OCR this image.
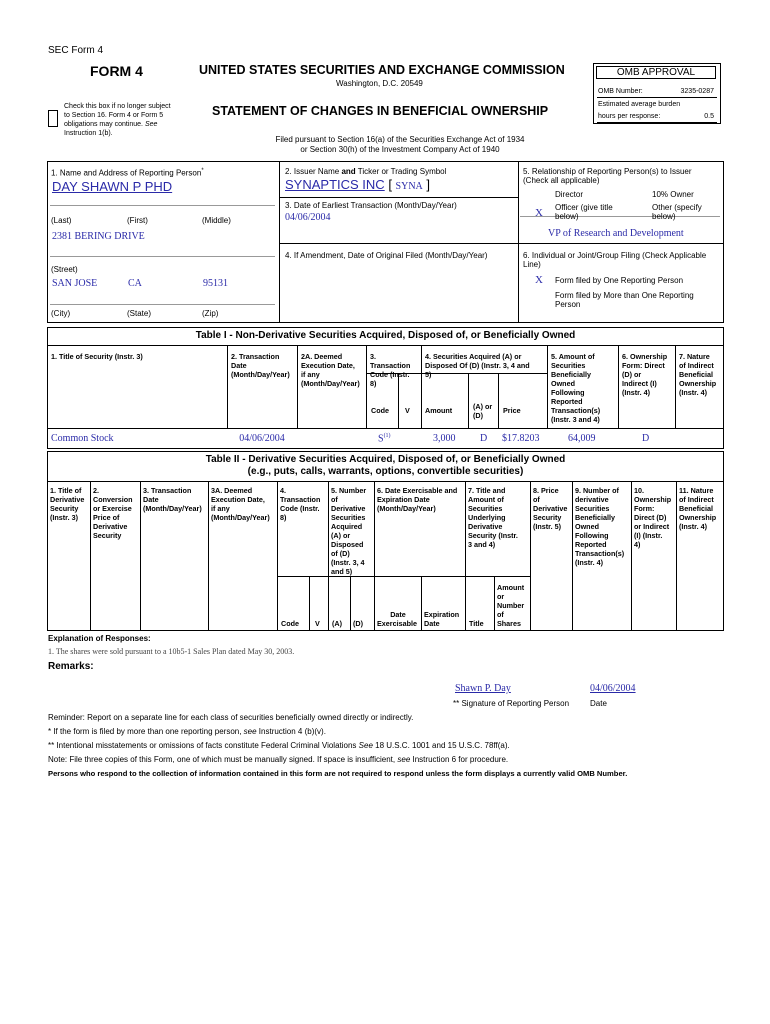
SEC Form 4
FORM 4	UNITED STATES SECURITIES AND EXCHANGE COMMISSION
Washington, D.C. 20549
Check this box if no longer subject
to Section 16. Form 4 or Form 5
obligations may continue. See
Instruction 1(b).
STATEMENT OF CHANGES IN BENEFICIAL OWNERSHIP
Filed pursuant to Section 16(a) of the Securities Exchange Act of 1934
or Section 30(h) of the Investment Company Act of 1940
OMB APPROVAL
OMB Number:	3235-0287
Estimated average burden
hours per response:	0.5
1. Name and Address of Reporting Person*
DAY SHAWN P PHD
(Last)	(First)	(Middle)
2381 BERING DRIVE
(Street)
SAN JOSE	CA	95131
(City)	(State)	(Zip)
2. Issuer Name and Ticker or Trading Symbol
SYNAPTICS INC [ SYNA ]
3. Date of Earliest Transaction (Month/Day/Year)
04/06/2004
4. If Amendment, Date of Original Filed (Month/Day/Year)
5. Relationship of Reporting Person(s) to Issuer
(Check all applicable)
Director	10% Owner
X Officer (give title
below)
Other (specify
below)
VP of Research and Development
6. Individual or Joint/Group Filing (Check Applicable
Line)
X Form filed by One Reporting Person
Form filed by More than One Reporting
Person
Table I - Non-Derivative Securities Acquired, Disposed of, or Beneficially Owned
1. Title of Security (Instr. 3)	2. Transaction
Date
(Month/Day/Year)
2A. Deemed
Execution Date,
if any
(Month/Day/Year)
3.
Transaction
Code (Instr.
8)
4. Securities Acquired (A) or
Disposed Of (D) (Instr. 3, 4 and
5)
5. Amount of
Securities
Beneficially
Owned
Following
Reported
Transaction(s)
(Instr. 3 and 4)
6. Ownership
Form: Direct
(D) or
Indirect (I)
(Instr. 4)
7. Nature
of Indirect
Beneficial
Ownership
(Instr. 4)
Code V Amount	(A) or
(D)
Price
Common Stock	04/06/2004	$S^{(1)}$	3,000 D $17.8203	64,009	D
Table II - Derivative Securities Acquired, Disposed of, or Beneficially Owned
(e.g., puts, calls, warrants, options, convertible securities)
1. Title of
Derivative
Security
(Instr. 3)
2.
Conversion
or Exercise
Price of
Derivative
Security
3. Transaction
Date
(Month/Day/Year)
3A. Deemed
Execution Date,
if any
(Month/Day/Year)
4.
Transaction
Code (Instr.
8)
5. Number
of
Derivative
Securities
Acquired
(A) or
Disposed
of (D)
(Instr. 3, 4
and 5)
6. Date Exercisable and
Expiration Date
(Month/Day/Year)
7. Title and
Amount of
Securities
Underlying
Derivative
Security (Instr.
3 and 4)
8. Price
of
Derivative
Security
(Instr. 5)
9. Number of
derivative
Securities
Beneficially
Owned
Following
Reported
Transaction(s)
(Instr. 4)
10.
Ownership
Form:
Direct (D)
or Indirect
(I) (Instr.
4)
11. Nature
of Indirect
Beneficial
Ownership
(Instr. 4)
Code V (A) (D)
Date
Exercisable
Expiration
Date	Title
Amount
or
Number
of
Shares
Explanation of Responses:
1. The shares were sold pursuant to a 10b5-1 Sales Plan dated May 30, 2003.
Remarks:
Shawn P. Day	04/06/2004
** Signature of Reporting Person	Date
Reminder: Report on a separate line for each class of securities beneficially owned directly or indirectly.
* If the form is filed by more than one reporting person, see Instruction 4 (b)(v).
** Intentional misstatements or omissions of facts constitute Federal Criminal Violations See 18 U.S.C. 1001 and 15 U.S.C. 78ff(a).
Note: File three copies of this Form, one of which must be manually signed. If space is insufficient, see Instruction 6 for procedure.
Persons who respond to the collection of information contained in this form are not required to respond unless the form displays a currently valid OMB Number.
